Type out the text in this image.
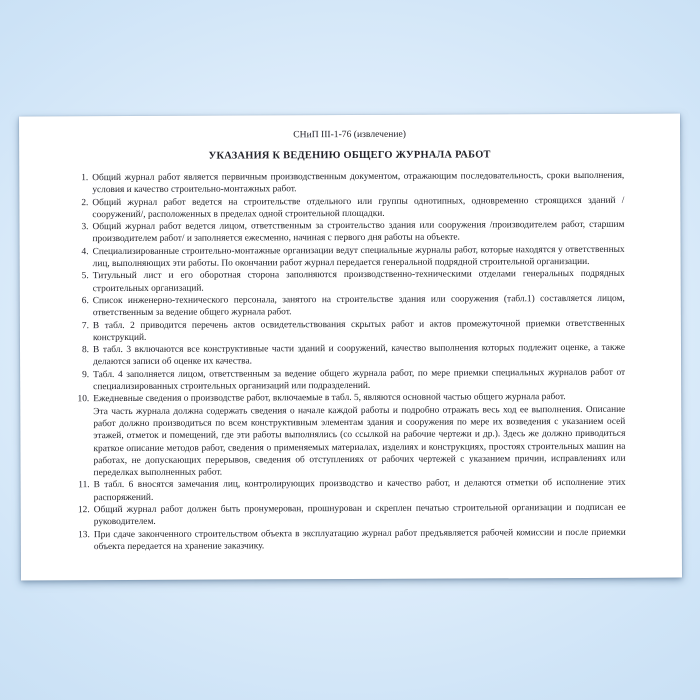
СНиП III-1-76 (извлечение)
УКАЗАНИЯ К ВЕДЕНИЮ ОБЩЕГО ЖУРНАЛА РАБОТ
1. Общий журнал работ является первичным производственным документом, отражающим последовательность, сроки выполнения, условия и качество строительно-монтажных работ.
2. Общий журнал работ ведется на строительстве отдельного или группы однотипных, одновременно строящихся зданий /сооружений/, расположенных в пределах одной строительной площадки.
3. Общий журнал работ ведется лицом, ответственным за строительство здания или сооружения /производителем работ, старшим производителем работ/ и заполняется ежесменно, начиная с первого дня работы на объекте.
4. Специализированные строительно-монтажные организации ведут специальные журналы работ, которые находятся у ответственных лиц, выполняющих эти работы. По окончании работ журнал передается генеральной подрядной строительной организации.
5. Титульный лист и его оборотная сторона заполняются производственно-техническими отделами генеральных подрядных строительных организаций.
6. Список инженерно-технического персонала, занятого на строительстве здания или сооружения (табл.1) составляется лицом, ответственным за ведение общего журнала работ.
7. В табл. 2 приводится перечень актов освидетельствования скрытых работ и актов промежуточной приемки ответственных конструкций.
8. В табл. 3 включаются все конструктивные части зданий и сооружений, качество выполнения которых подлежит оценке, а также делаются записи об оценке их качества.
9. Табл. 4 заполняется лицом, ответственным за ведение общего журнала работ, по мере приемки специальных журналов работ от специализированных строительных организаций или подразделений.
10. Ежедневные сведения о производстве работ, включаемые в табл. 5, являются основной частью общего журнала работ.
Эта часть журнала должна содержать сведения о начале каждой работы и подробно отражать весь ход ее выполнения. Описание работ должно производиться по всем конструктивным элементам здания и сооружения по мере их возведения с указанием осей этажей, отметок и помещений, где эти работы выполнялись (со ссылкой на рабочие чертежи и др.). Здесь же должно приводиться краткое описание методов работ, сведения о применяемых материалах, изделиях и конструкциях, простоях строительных машин на работах, не допускающих перерывов, сведения об отступлениях от рабочих чертежей с указанием причин, исправлениях или переделках выполненных работ.
11. В табл. 6 вносятся замечания лиц, контролирующих производство и качество работ, и делаются отметки об исполнение этих распоряжений.
12. Общий журнал работ должен быть пронумерован, прошнурован и скреплен печатью строительной организации и подписан ее руководителем.
13. При сдаче законченного строительством объекта в эксплуатацию журнал работ предъявляется рабочей комиссии и после приемки объекта передается на хранение заказчику.
